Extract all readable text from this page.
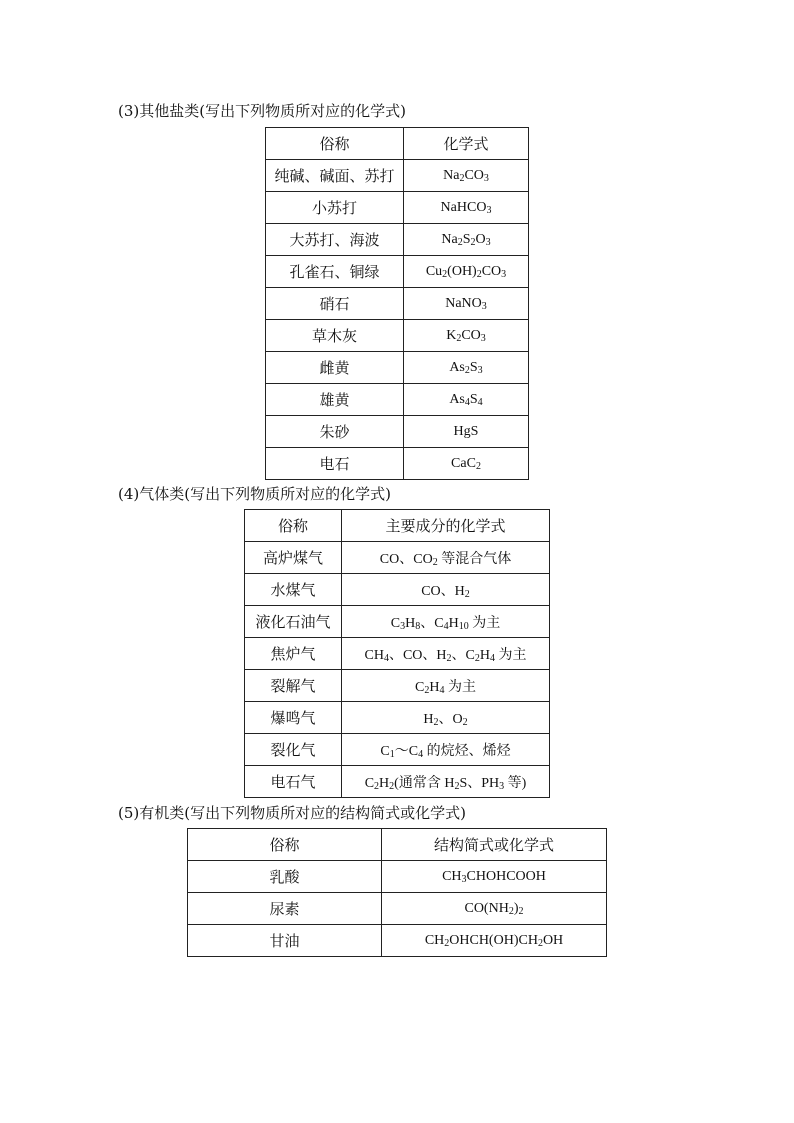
(3)其他盐类(写出下列物质所对应的化学式)
俗称	化学式
纯碱、碱面、苏打	$Na_2CO_3$
小苏打	NaHCO$_3$
大苏打、海波	$Na_2S_2O_3$
孔雀石、铜绿	$Cu_2(OH)_2CO_3$
硝石	NaNO$_3$
草木灰	$K_2CO_3$
雌黄	$As_2S_3$
雄黄	$As_4S_4$
朱砂	HgS
电石	CaC$_2$
(4)气体类(写出下列物质所对应的化学式)
俗称	主要成分的化学式
高炉煤气	CO、$CO_2$ 等混合气体
水煤气	CO、$H_2$
液化石油气	$C_3H_8$、$C_4H_{10}$ 为主
焦炉气	$CH_4$、CO、$H_2$、$C_2H_4$ 为主
裂解气	$C_2H_4$ 为主
爆鸣气	$H_2$、$O_2$
裂化气	$C_1\sim C_4$ 的烷烃、烯烃
电石气	$C_2H_2$(通常含 $H_2S$、$PH_3$ 等)
(5)有机类(写出下列物质所对应的结构简式或化学式)
俗称	结构简式或化学式
乳酸	$CH_3CHOHCOOH$
尿素	$CO(NH_2)_2$
甘油	$CH_2OHCH(OH)CH_2OH$
